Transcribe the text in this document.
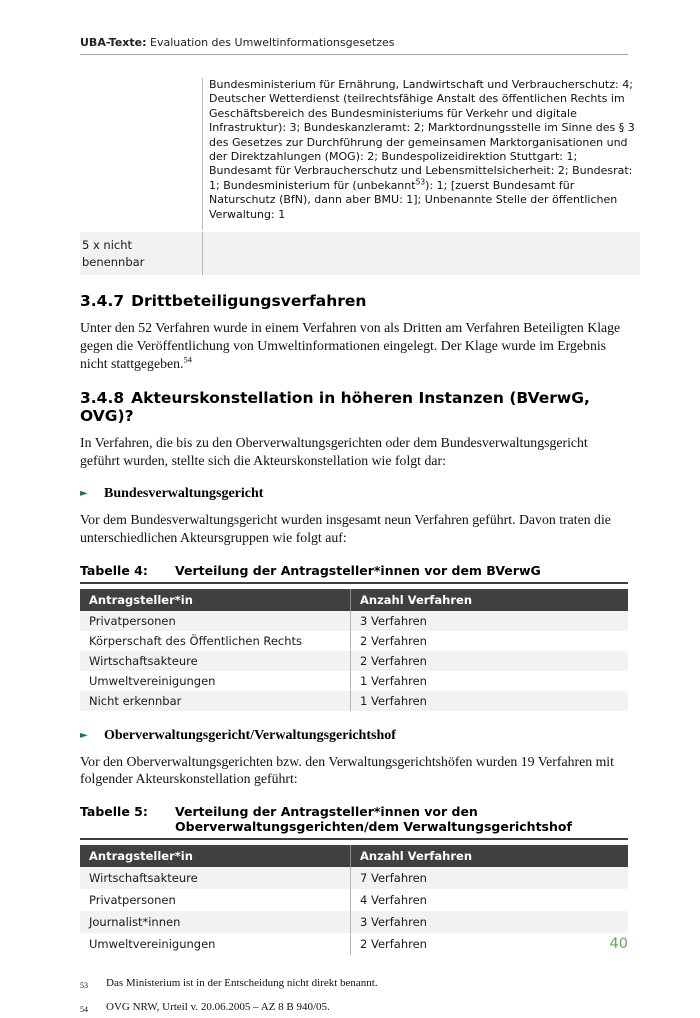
UBA-Texte: Evaluation des Umweltinformationsgesetzes
Bundesministerium für Ernährung, Landwirtschaft und Verbraucherschutz: 4; Deutscher Wetterdienst (teilrechtsfähige Anstalt des öffentlichen Rechts im Geschäftsbereich des Bundesministeriums für Verkehr und digitale Infrastruktur): 3; Bundeskanzleramt: 2; Marktordnungsstelle im Sinne des § 3 des Gesetzes zur Durchführung der gemeinsamen Marktorganisationen und der Direktzahlungen (MOG): 2; Bundespolizeidirektion Stuttgart: 1; Bundesamt für Verbraucherschutz und Lebensmittelsicherheit: 2; Bundesrat: 1; Bundesministerium für (unbekannt$^{53}$): 1; [zuerst Bundesamt für Naturschutz (BfN), dann aber BMU: 1]; Unbenannte Stelle der öffentlichen Verwaltung: 1
5 x nicht benennbar
3.4.7 Drittbeteiligungsverfahren

Unter den 52 Verfahren wurde in einem Verfahren von als Dritten am Verfahren Beteiligten Klage gegen die Veröffentlichung von Umweltinformationen eingelegt. Der Klage wurde im Ergebnis nicht stattgegeben.$^{54}$

3.4.8 Akteurskonstellation in höheren Instanzen (BVerwG, OVG)?

In Verfahren, die bis zu den Oberverwaltungsgerichten oder dem Bundesverwaltungsgericht geführt wurden, stellte sich die Akteurskonstellation wie folgt dar:

►	Bundesverwaltungsgericht

Vor dem Bundesverwaltungsgericht wurden insgesamt neun Verfahren geführt. Davon traten die unterschiedlichen Akteursgruppen wie folgt auf:

Tabelle 4:	Verteilung der Antragsteller*innen vor dem BVerwG
Antragsteller*in	Anzahl Verfahren
Privatpersonen	3 Verfahren
Körperschaft des Öffentlichen Rechts	2 Verfahren
Wirtschaftsakteure	2 Verfahren
Umweltvereinigungen	1 Verfahren
Nicht erkennbar	1 Verfahren
►	Oberverwaltungsgericht/Verwaltungsgerichtshof

Vor den Oberverwaltungsgerichten bzw. den Verwaltungsgerichtshöfen wurden 19 Verfahren mit folgender Akteurskonstellation geführt:

Tabelle 5:	Verteilung der Antragsteller*innen vor den Oberverwaltungsgerichten/dem Verwaltungsgerichtshof
Antragsteller*in	Anzahl Verfahren
Wirtschaftsakteure	7 Verfahren
Privatpersonen	4 Verfahren
Journalist*innen	3 Verfahren
Umweltvereinigungen	2 Verfahren
53	Das Ministerium ist in der Entscheidung nicht direkt benannt.
54	OVG NRW, Urteil v. 20.06.2005 – AZ 8 B 940/05.
40
